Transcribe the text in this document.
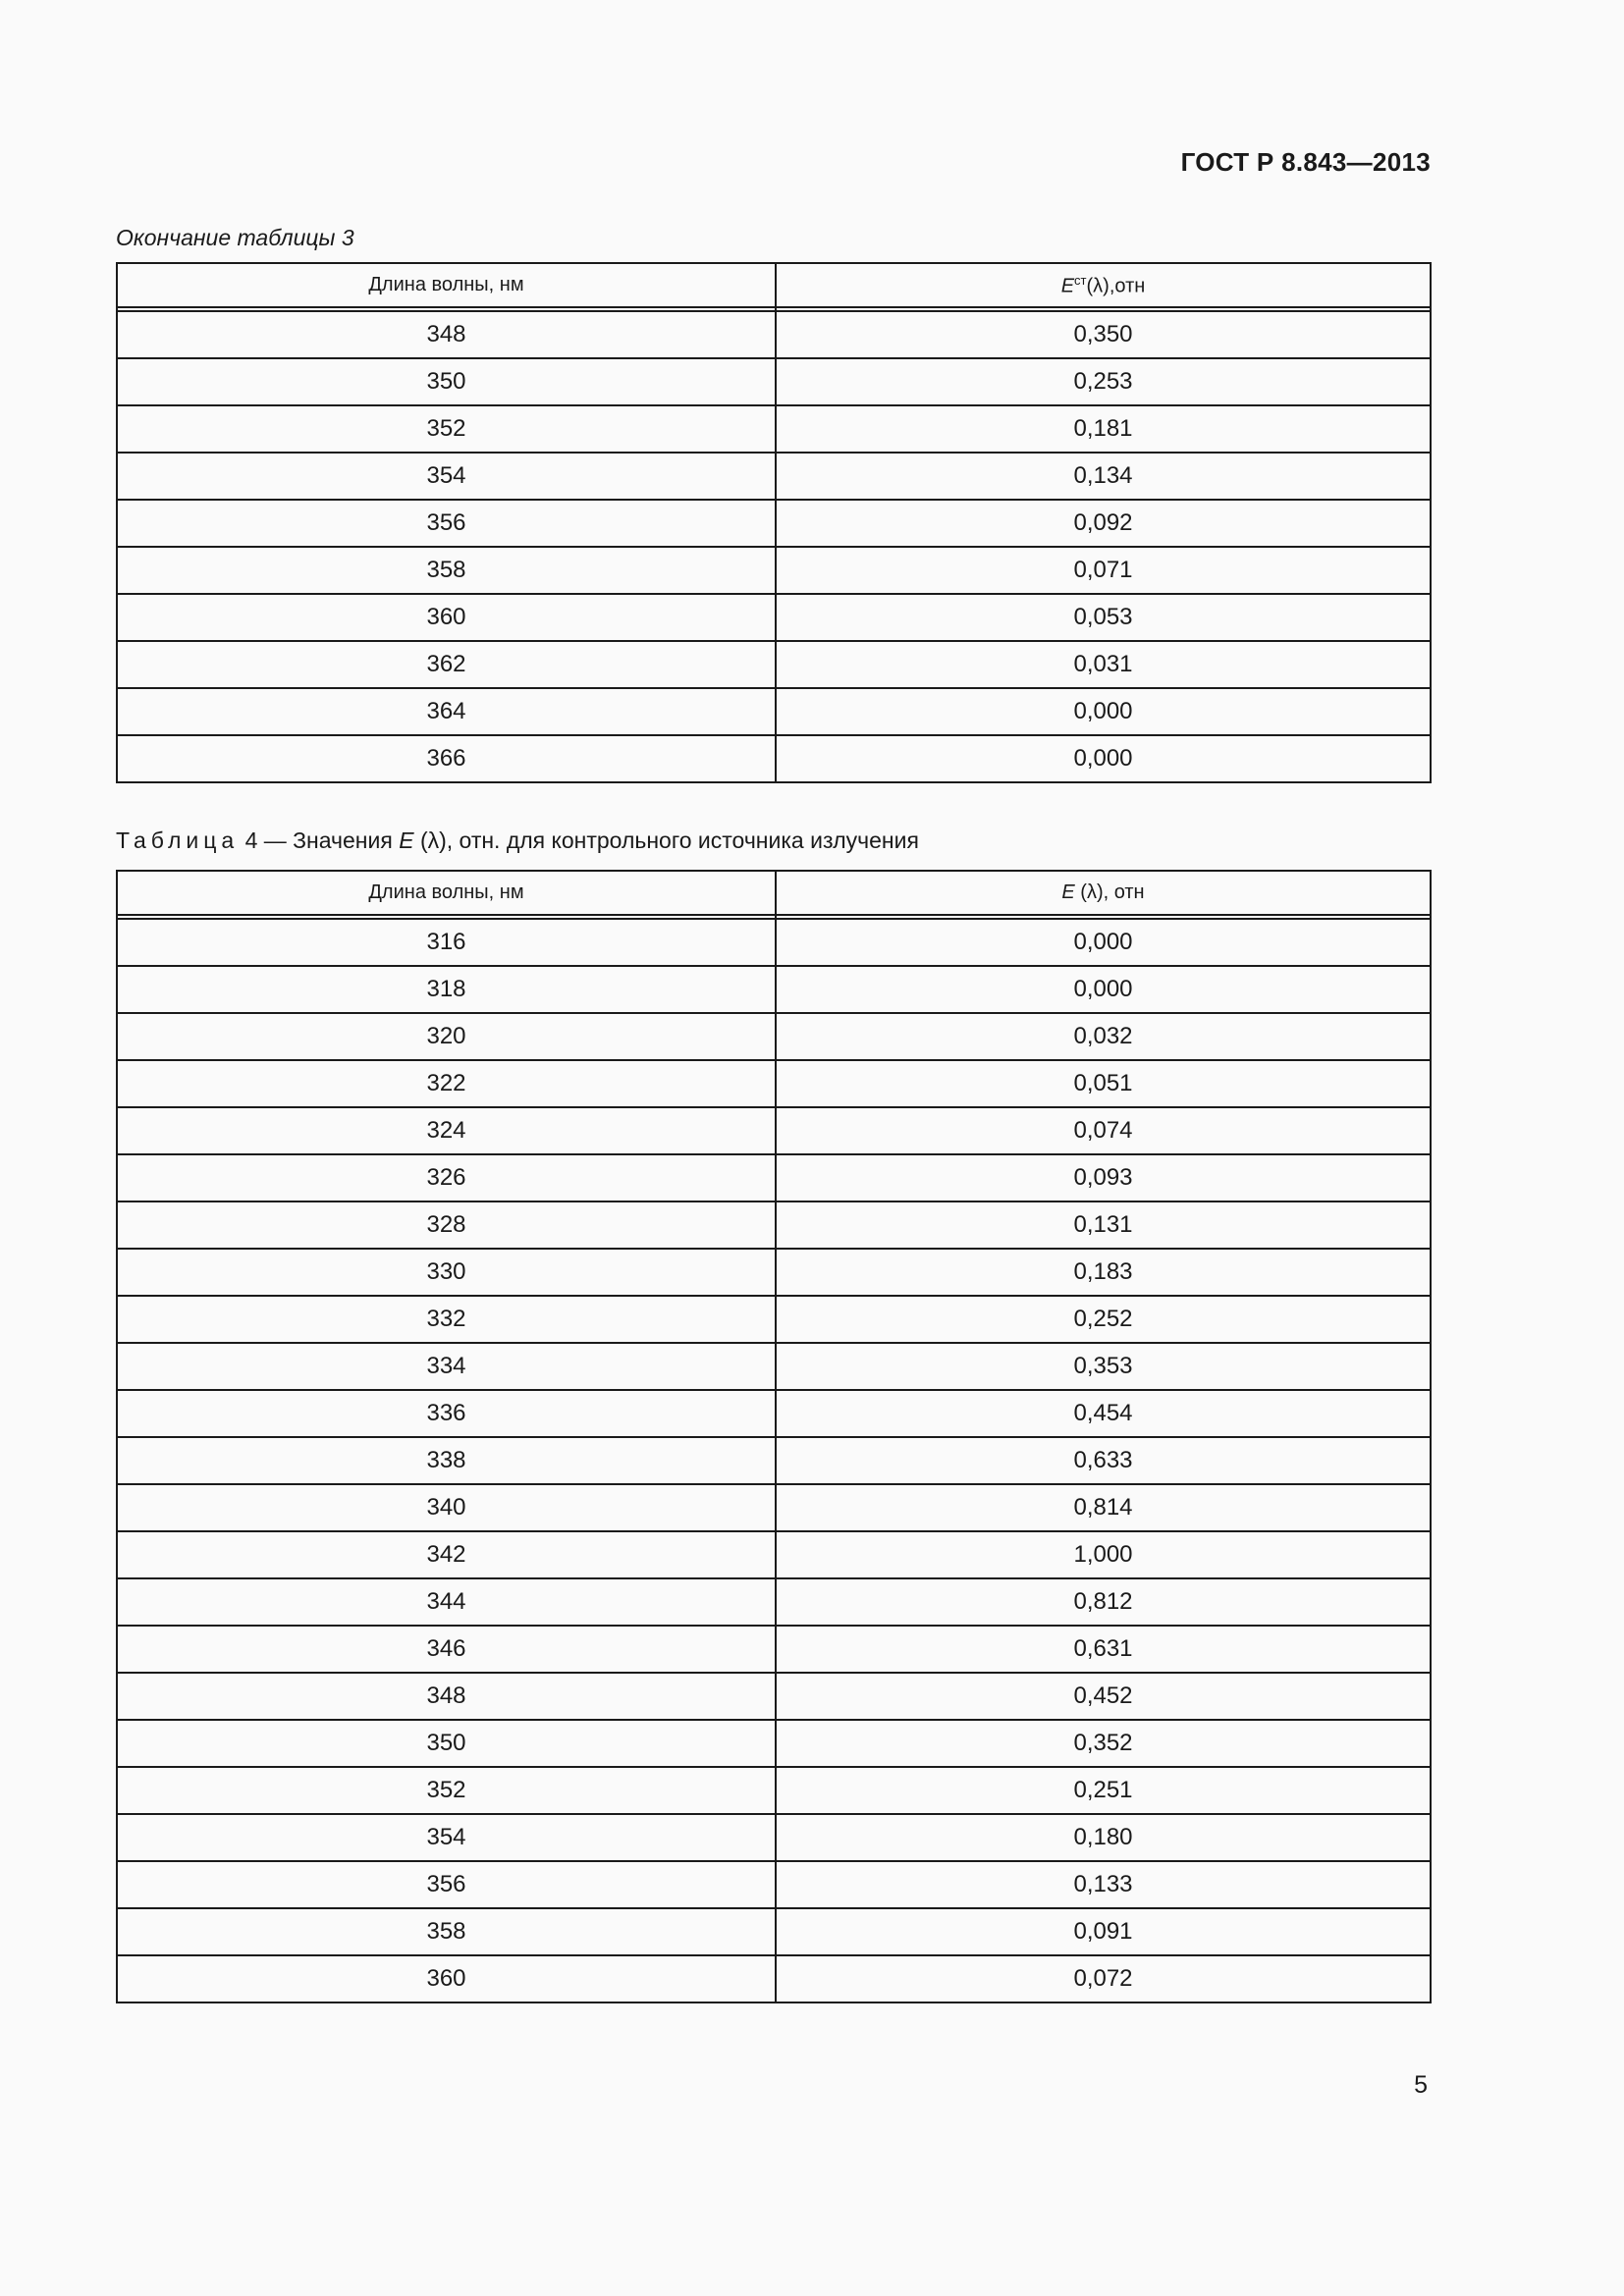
ГОСТ Р 8.843—2013
Окончание таблицы 3
Длина волны, нм	$E^{ст}(\lambda),отн$

348	0,350
350	0,253
352	0,181
354	0,134
356	0,092
358	0,071
360	0,053
362	0,031
364	0,000
366	0,000
Таблица 4 — Значения E (λ), отн. для контрольного источника излучения
Длина волны, нм	E (λ), отн

316	0,000
318	0,000
320	0,032
322	0,051
324	0,074
326	0,093
328	0,131
330	0,183
332	0,252
334	0,353
336	0,454
338	0,633
340	0,814
342	1,000
344	0,812
346	0,631
348	0,452
350	0,352
352	0,251
354	0,180
356	0,133
358	0,091
360	0,072
5
